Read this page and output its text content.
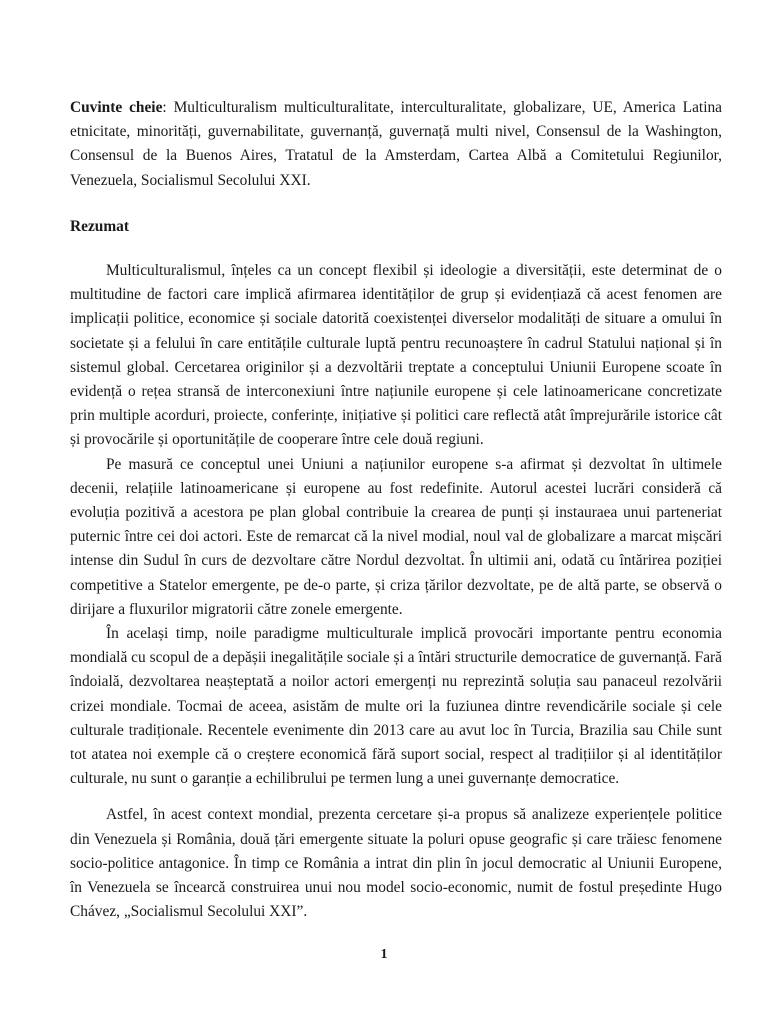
Cuvinte cheie: Multiculturalism multiculturalitate, interculturalitate, globalizare, UE, America Latina etnicitate, minorități, guvernabilitate, guvernanță, guvernață multi nivel, Consensul de la Washington, Consensul de la Buenos Aires, Tratatul de la Amsterdam, Cartea Albă a Comitetului Regiunilor, Venezuela, Socialismul Secolului XXI.

Rezumat

Multiculturalismul, înțeles ca un concept flexibil și ideologie a diversității, este determinat de o multitudine de factori care implică afirmarea identităților de grup și evidențiază că acest fenomen are implicații politice, economice și sociale datorită coexistenței diverselor modalități de situare a omului în societate și a felului în care entitățile culturale luptă pentru recunoaștere în cadrul Statului național și în sistemul global. Cercetarea originilor și a dezvoltării treptate a conceptului Uniunii Europene scoate în evidență o rețea stransă de interconexiuni între națiunile europene și cele latinoamericane concretizate prin multiple acorduri, proiecte, conferințe, inițiative și politici care reflectă atât împrejurările istorice cât și provocările și oportunitățile de cooperare între cele două regiuni.

Pe masură ce conceptul unei Uniuni a națiunilor europene s-a afirmat și dezvoltat în ultimele decenii, relațiile latinoamericane și europene au fost redefinite. Autorul acestei lucrări consideră că evoluția pozitivă a acestora pe plan global contribuie la crearea de punți și instauraea unui parteneriat puternic între cei doi actori. Este de remarcat că la nivel modial, noul val de globalizare a marcat mișcări intense din Sudul în curs de dezvoltare către Nordul dezvoltat. În ultimii ani, odată cu întărirea poziției competitive a Statelor emergente, pe de-o parte, și criza țărilor dezvoltate, pe de altă parte, se observă o dirijare a fluxurilor migratorii către zonele emergente.

În același timp, noile paradigme multiculturale implică provocări importante pentru economia mondială cu scopul de a depășii inegalitățile sociale și a întări structurile democratice de guvernanță. Fară îndoială, dezvoltarea neașteptată a noilor actori emergenți nu reprezintă soluția sau panaceul rezolvării crizei mondiale. Tocmai de aceea, asistăm de multe ori la fuziunea dintre revendicările sociale și cele culturale tradiționale. Recentele evenimente din 2013 care au avut loc în Turcia, Brazilia sau Chile sunt tot atatea noi exemple că o creștere economică fără suport social, respect al tradițiilor și al identităților culturale, nu sunt o garanție a echilibrului pe termen lung a unei guvernanțe democratice.

Astfel, în acest context mondial, prezenta cercetare și-a propus să analizeze experiențele politice din Venezuela și România, două țări emergente situate la poluri opuse geografic și care trăiesc fenomene socio-politice antagonice. În timp ce România a intrat din plin în jocul democratic al Uniunii Europene, în Venezuela se încearcă construirea unui nou model socio-economic, numit de fostul președinte Hugo Chávez, „Socialismul Secolului XXI”.

1
